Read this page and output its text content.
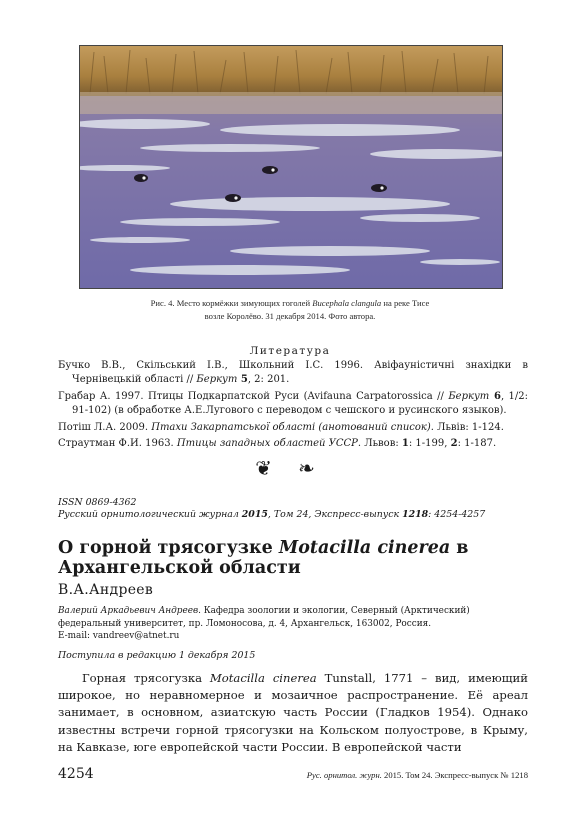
Рис. 4. Место кормёжки зимующих гоголей Bucephala clangula на реке Тисе
возле Королёво. 31 декабря 2014. Фото автора.
Литература

Бучко В.В., Скільський І.В., Школьний І.С. 1996. Авіфауністичні знахідки в Чернівецькій області // Беркут 5, 2: 201.

Грабар А. 1997. Птицы Подкарпатской Руси (Avifauna Carpatorossica // Беркут 6, 1/2: 91-102) (в обработке А.Е.Лугового с переводом с чешского и русинского языков).

Потіш Л.А. 2009. Птахи Закарпатської області (анотований список). Львів: 1-124.

Страутман Ф.И. 1963. Птицы западных областей УССР. Львов: 1: 1-199, 2: 1-187.

❦ ❧
ISSN 0869-4362
Русский орнитологический журнал 2015, Том 24, Экспресс-выпуск 1218: 4254-4257
О горной трясогузке Motacilla cinerea в Архангельской области
В.А.Андреев
Валерий Аркадьевич Андреев. Кафедра зоологии и экологии, Северный (Арктический) федеральный университет, пр. Ломоносова, д. 4, Архангельск, 163002, Россия.
E-mail: vandreev@atnet.ru
Поступила в редакцию 1 декабря 2015

Горная трясогузка Motacilla cinerea Tunstall, 1771 – вид, имеющий широкое, но неравномерное и мозаичное распространение. Её ареал занимает, в основном, азиатскую часть России (Гладков 1954). Однако известны встречи горной трясогузки на Кольском полуострове, в Крыму, на Кавказе, юге европейской части России. В европейской части

4254	Рус. орнитол. журн. 2015. Том 24. Экспресс-выпуск № 1218
